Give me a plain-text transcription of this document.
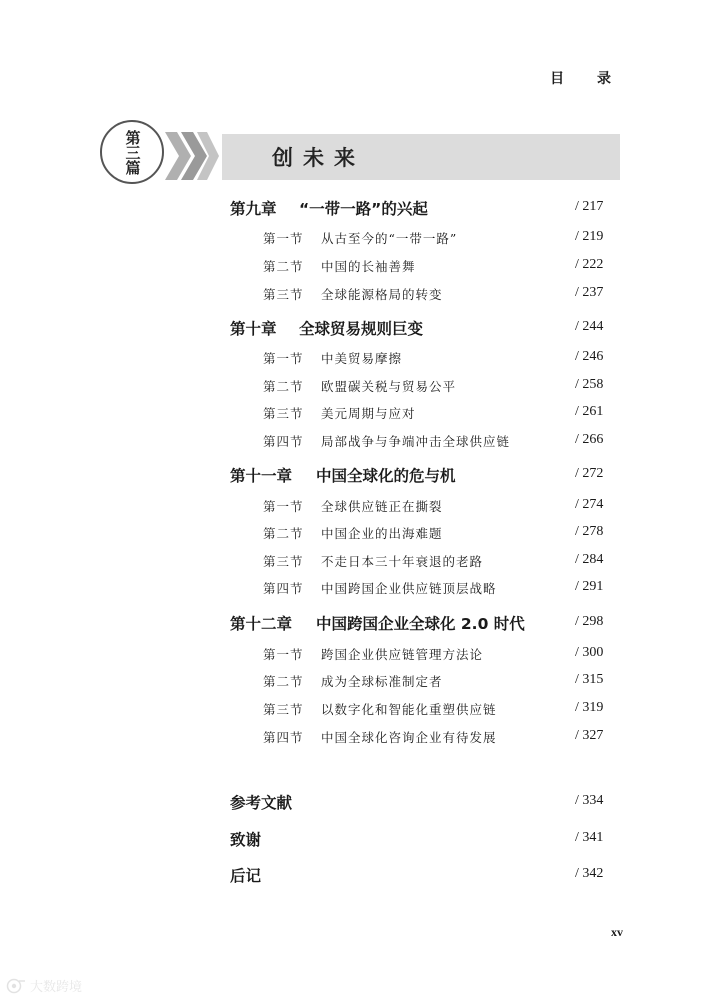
目 录
第三篇	创未来
第九章 “一带一路”的兴起	/ 217
第一节 从古至今的“一带一路”	/ 219
第二节 中国的长袖善舞	/ 222
第三节 全球能源格局的转变	/ 237
第十章 全球贸易规则巨变	/ 244
第一节 中美贸易摩擦	/ 246
第二节 欧盟碳关税与贸易公平	/ 258
第三节 美元周期与应对	/ 261
第四节 局部战争与争端冲击全球供应链	/ 266
第十一章 中国全球化的危与机	/ 272
第一节 全球供应链正在撕裂	/ 274
第二节 中国企业的出海难题	/ 278
第三节 不走日本三十年衰退的老路	/ 284
第四节 中国跨国企业供应链顶层战略	/ 291
第十二章 中国跨国企业全球化 2.0 时代	/ 298
第一节 跨国企业供应链管理方法论	/ 300
第二节 成为全球标准制定者	/ 315
第三节 以数字化和智能化重塑供应链	/ 319
第四节 中国全球化咨询企业有待发展	/ 327
参考文献	/ 334
致谢	/ 341
后记	/ 342
xv
大数跨境
